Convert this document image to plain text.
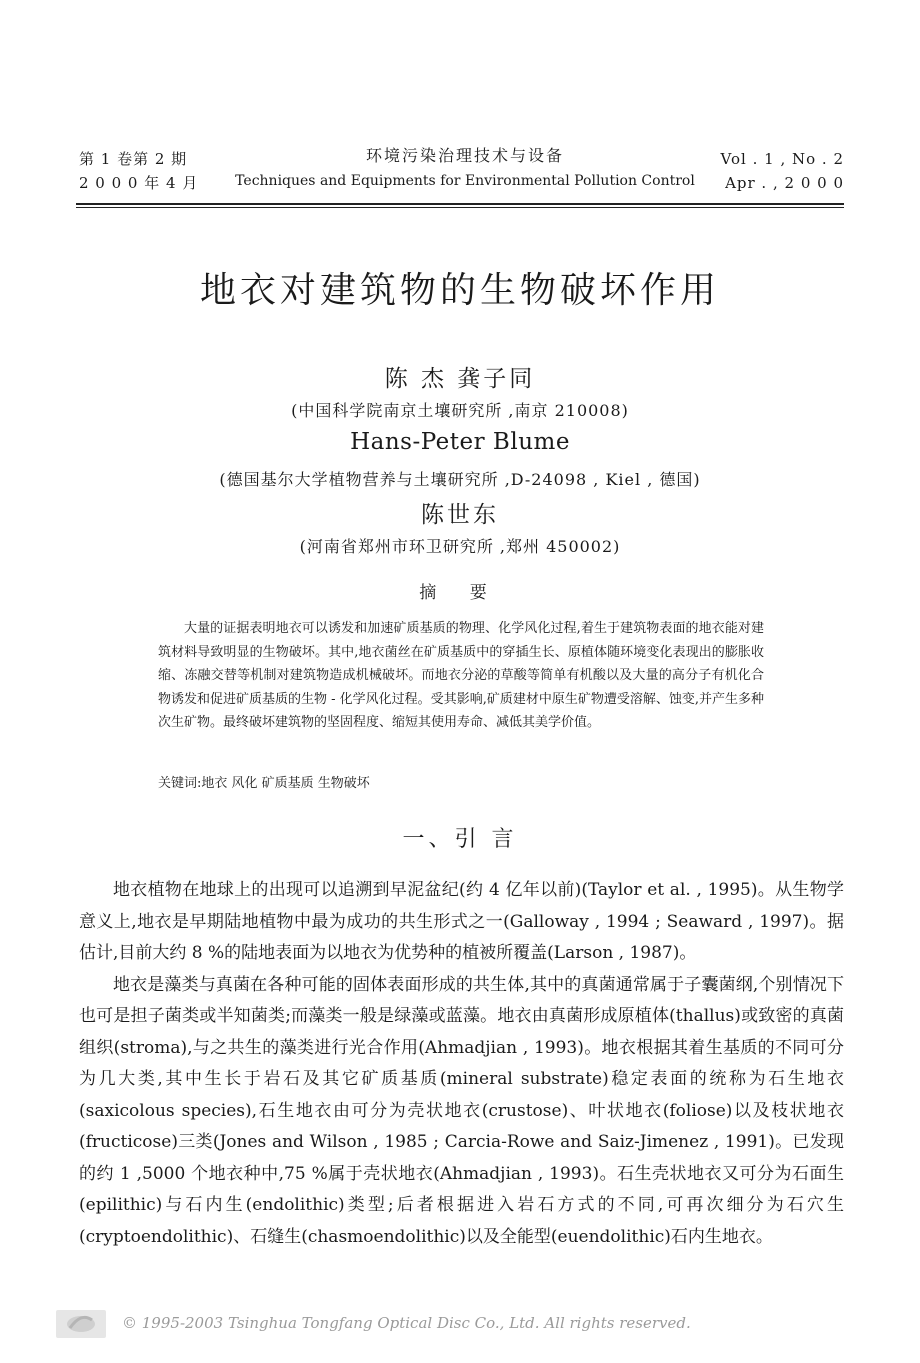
第 1 卷第 2 期
2 0 0 0 年 4 月
环境污染治理技术与设备
Techniques and Equipments for Environmental Pollution Control
Vol . 1 , No . 2
Apr . , 2 0 0 0
地衣对建筑物的生物破坏作用
陈 杰 龚子同
(中国科学院南京土壤研究所 ,南京 210008)
Hans-Peter Blume
(德国基尔大学植物营养与土壤研究所 ,D-24098 , Kiel , 德国)
陈世东
(河南省郑州市环卫研究所 ,郑州 450002)
摘 要

大量的证据表明地衣可以诱发和加速矿质基质的物理、化学风化过程,着生于建筑物表面的地衣能对建筑材料导致明显的生物破坏。其中,地衣菌丝在矿质基质中的穿插生长、原植体随环境变化表现出的膨胀收缩、冻融交替等机制对建筑物造成机械破坏。而地衣分泌的草酸等简单有机酸以及大量的高分子有机化合物诱发和促进矿质基质的生物 - 化学风化过程。受其影响,矿质建材中原生矿物遭受溶解、蚀变,并产生多种次生矿物。最终破坏建筑物的坚固程度、缩短其使用寿命、减低其美学价值。

关键词:地衣 风化 矿质基质 生物破坏
一、引 言

地衣植物在地球上的出现可以追溯到早泥盆纪(约 4 亿年以前)(Taylor et al. , 1995)。从生物学意义上,地衣是早期陆地植物中最为成功的共生形式之一(Galloway , 1994 ; Seaward , 1997)。据估计,目前大约 8 %的陆地表面为以地衣为优势种的植被所覆盖(Larson , 1987)。

地衣是藻类与真菌在各种可能的固体表面形成的共生体,其中的真菌通常属于子囊菌纲,个别情况下也可是担子菌类或半知菌类;而藻类一般是绿藻或蓝藻。地衣由真菌形成原植体(thallus)或致密的真菌组织(stroma),与之共生的藻类进行光合作用(Ahmadjian , 1993)。地衣根据其着生基质的不同可分为几大类,其中生长于岩石及其它矿质基质(mineral substrate)稳定表面的统称为石生地衣(saxicolous species),石生地衣由可分为壳状地衣(crustose)、叶状地衣(foliose)以及枝状地衣(fructicose)三类(Jones and Wilson , 1985 ; Carcia-Rowe and Saiz-Jimenez , 1991)。已发现的约 1 ,5000 个地衣种中,75 %属于壳状地衣(Ahmadjian , 1993)。石生壳状地衣又可分为石面生(epilithic)与石内生(endolithic)类型;后者根据进入岩石方式的不同,可再次细分为石穴生(cryptoendolithic)、石缝生(chasmoendolithic)以及全能型(euendolithic)石内生地衣。

© 1995-2003 Tsinghua Tongfang Optical Disc Co., Ltd. All rights reserved.
